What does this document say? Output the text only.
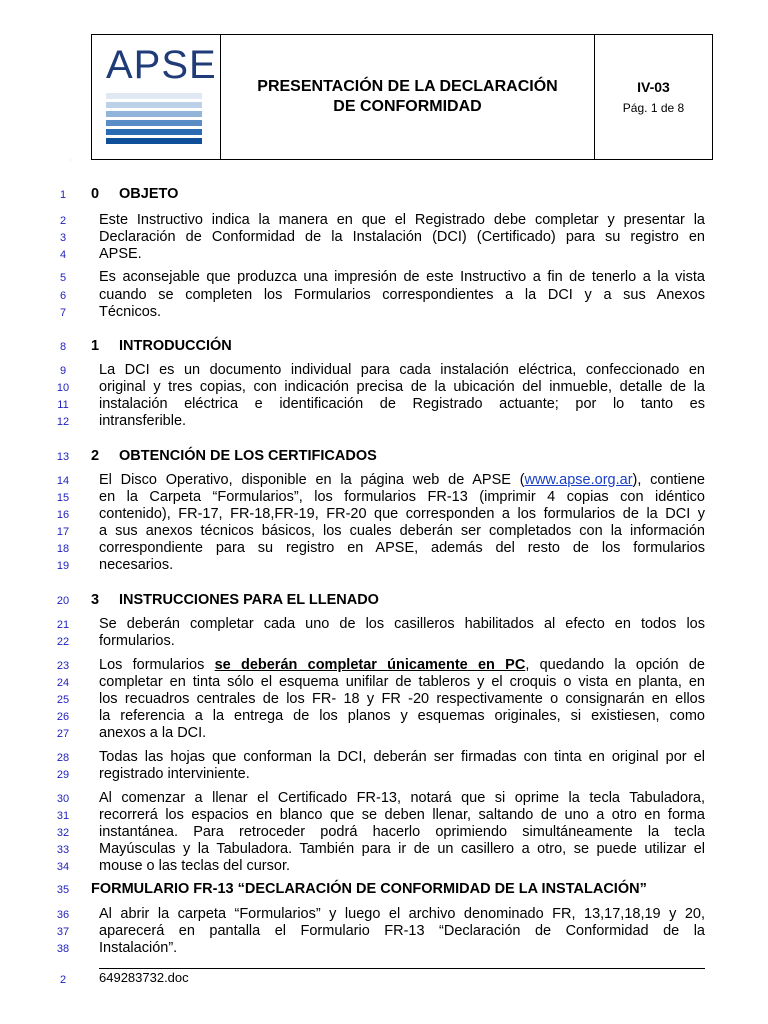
APSE	PRESENTACIÓN DE LA DECLARACIÓN
DE CONFORMIDAD
IV-03
Pág. 1 de 8
ˈ
1
2
3
4
5
6
7
8
9
10
11
12
13
14
15
16
17
18
19
20
21
22
23
24
25
26
27
28
29
30
31
32
33
34
35
36
37
38
0 OBJETO
Este Instructivo indica la manera en que el Registrado debe completar y presentar la
Declaración de Conformidad de la Instalación (DCI) (Certificado) para su registro en
APSE.
Es aconsejable que produzca una impresión de este Instructivo a fin de tenerlo a la vista
cuando se completen los Formularios correspondientes a la DCI y a sus Anexos
Técnicos.
1 INTRODUCCIÓN
La DCI es un documento individual para cada instalación eléctrica, confeccionado en
original y tres copias, con indicación precisa de la ubicación del inmueble, detalle de la
instalación eléctrica e identificación de Registrado actuante; por lo tanto es
intransferible.
2 OBTENCIÓN DE LOS CERTIFICADOS
El Disco Operativo, disponible en la página web de APSE (www.apse.org.ar), contiene
en la Carpeta “Formularios”, los formularios FR-13 (imprimir 4 copias con idéntico
contenido), FR-17, FR-18,FR-19, FR-20 que corresponden a los formularios de la DCI y
a sus anexos técnicos básicos, los cuales deberán ser completados con la información
correspondiente para su registro en APSE, además del resto de los formularios
necesarios.
3 INSTRUCCIONES PARA EL LLENADO
Se deberán completar cada uno de los casilleros habilitados al efecto en todos los
formularios.
Los formularios se deberán completar únicamente en PC, quedando la opción de
completar en tinta sólo el esquema unifilar de tableros y el croquis o vista en planta, en
los recuadros centrales de los FR- 18 y FR -20 respectivamente o consignarán en ellos
la referencia a la entrega de los planos y esquemas originales, si existiesen, como
anexos a la DCI.
Todas las hojas que conforman la DCI, deberán ser firmadas con tinta en original por el
registrado interviniente.
Al comenzar a llenar el Certificado FR-13, notará que si oprime la tecla Tabuladora,
recorrerá los espacios en blanco que se deben llenar, saltando de uno a otro en forma
instantánea. Para retroceder podrá hacerlo oprimiendo simultáneamente la tecla
Mayúsculas y la Tabuladora. También para ir de un casillero a otro, se puede utilizar el
mouse o las teclas del cursor.
FORMULARIO FR-13 “DECLARACIÓN DE CONFORMIDAD DE LA INSTALACIÓN”
Al abrir la carpeta “Formularios” y luego el archivo denominado FR, 13,17,18,19 y 20,
aparecerá en pantalla el Formulario FR-13 “Declaración de Conformidad de la
Instalación”.
2	649283732.doc
